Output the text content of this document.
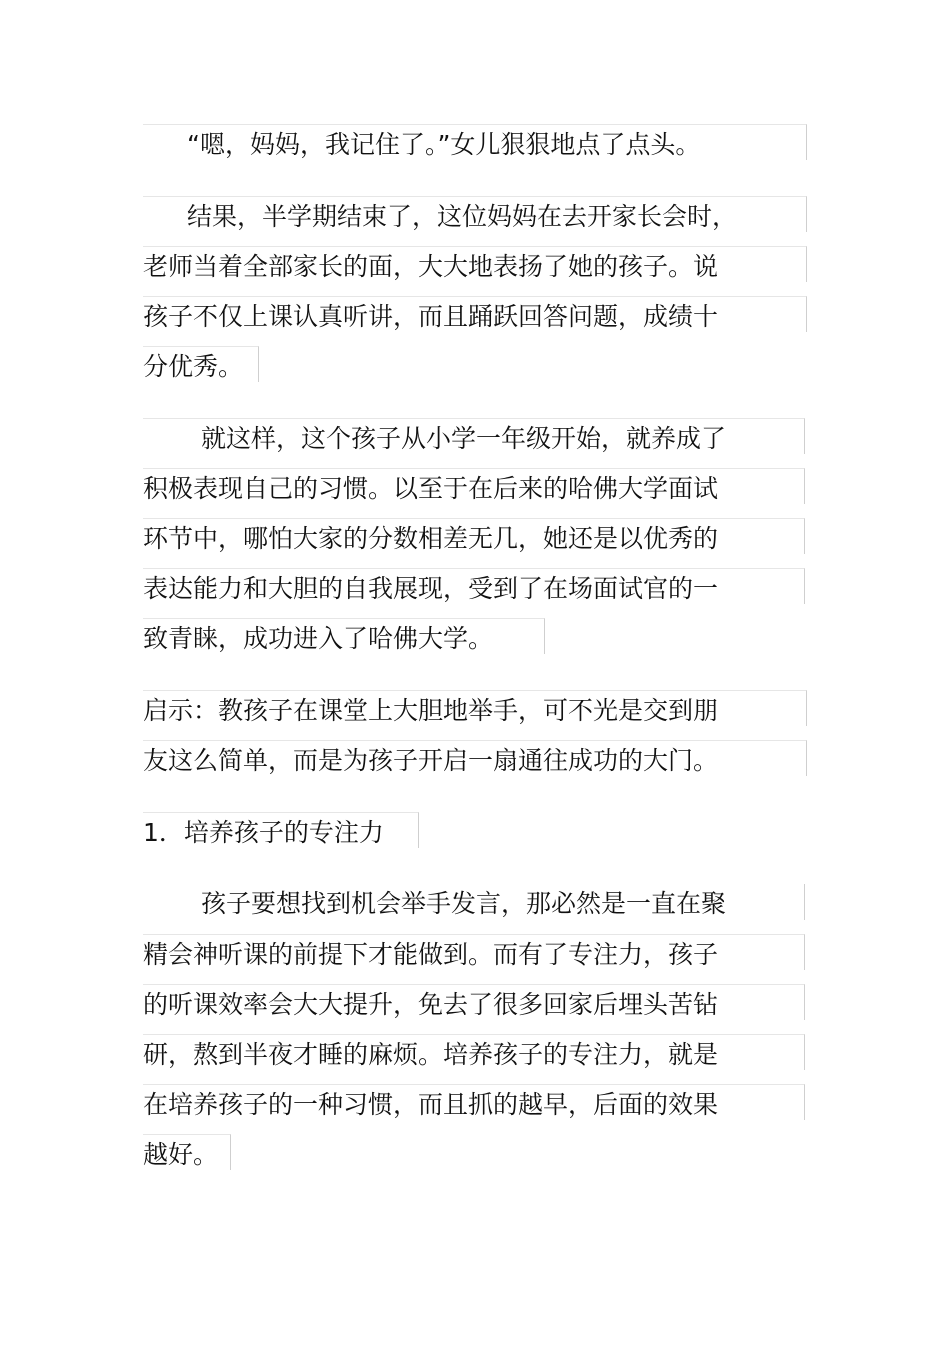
“嗯，妈妈，我记住了。”女儿狠狠地点了点头。
结果，半学期结束了，这位妈妈在去开家长会时，
老师当着全部家长的面，大大地表扬了她的孩子。说
孩子不仅上课认真听讲，而且踊跃回答问题，成绩十
分优秀。
就这样，这个孩子从小学一年级开始，就养成了
积极表现自己的习惯。以至于在后来的哈佛大学面试
环节中，哪怕大家的分数相差无几，她还是以优秀的
表达能力和大胆的自我展现，受到了在场面试官的一
致青睐，成功进入了哈佛大学。
启示：教孩子在课堂上大胆地举手，可不光是交到朋
友这么简单，而是为孩子开启一扇通往成功的大门。
1．培养孩子的专注力
孩子要想找到机会举手发言，那必然是一直在聚
精会神听课的前提下才能做到。而有了专注力，孩子
的听课效率会大大提升，免去了很多回家后埋头苦钻
研，熬到半夜才睡的麻烦。培养孩子的专注力，就是
在培养孩子的一种习惯，而且抓的越早，后面的效果
越好。
